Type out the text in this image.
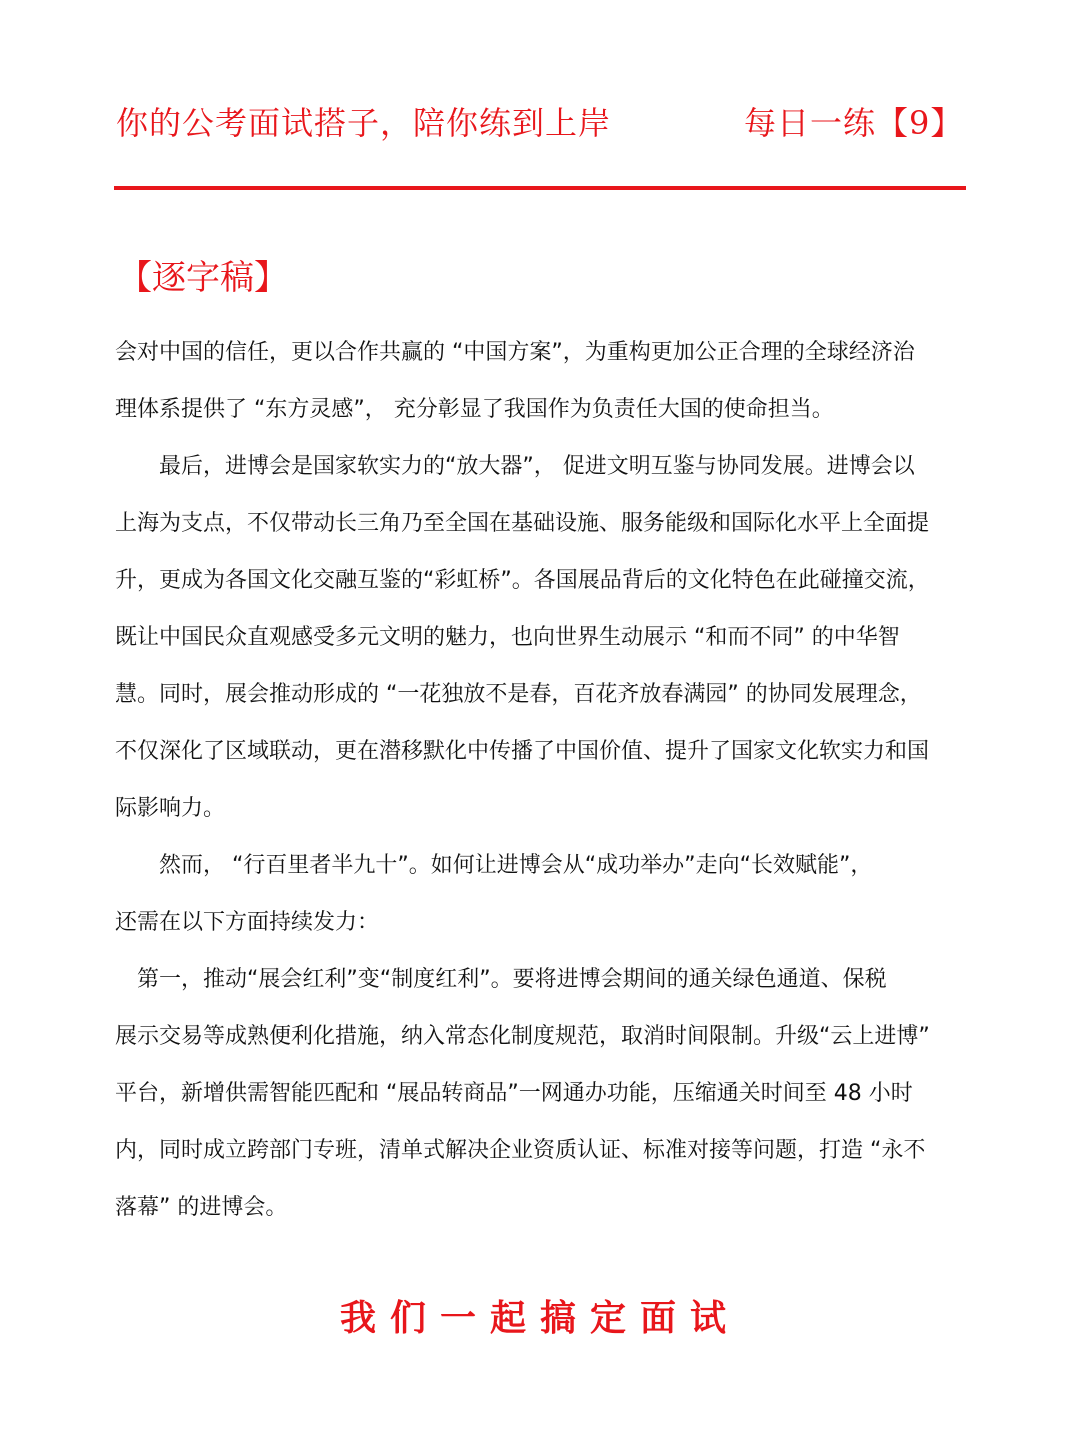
你的公考面试搭子，陪你练到上岸	每日一练【9】
【逐字稿】
会对中国的信任，更以合作共赢的 “中国方案”，为重构更加公正合理的全球经济治
理体系提供了 “东方灵感”， 充分彰显了我国作为负责任大国的使命担当。
　　最后，进博会是国家软实力的“放大器”， 促进文明互鉴与协同发展。进博会以
上海为支点，不仅带动长三角乃至全国在基础设施、服务能级和国际化水平上全面提
升，更成为各国文化交融互鉴的“彩虹桥”。各国展品背后的文化特色在此碰撞交流，
既让中国民众直观感受多元文明的魅力，也向世界生动展示 “和而不同” 的中华智
慧。同时，展会推动形成的 “一花独放不是春，百花齐放春满园” 的协同发展理念，
不仅深化了区域联动，更在潜移默化中传播了中国价值、提升了国家文化软实力和国
际影响力。
　　然而， “行百里者半九十”。如何让进博会从“成功举办”走向“长效赋能”，
还需在以下方面持续发力：
　第一，推动“展会红利”变“制度红利”。要将进博会期间的通关绿色通道、保税
展示交易等成熟便利化措施，纳入常态化制度规范，取消时间限制。升级“云上进博”
平台，新增供需智能匹配和 “展品转商品”一网通办功能，压缩通关时间至 48 小时
内，同时成立跨部门专班，清单式解决企业资质认证、标准对接等问题，打造 “永不
落幕” 的进博会。
我们一起搞定面试
